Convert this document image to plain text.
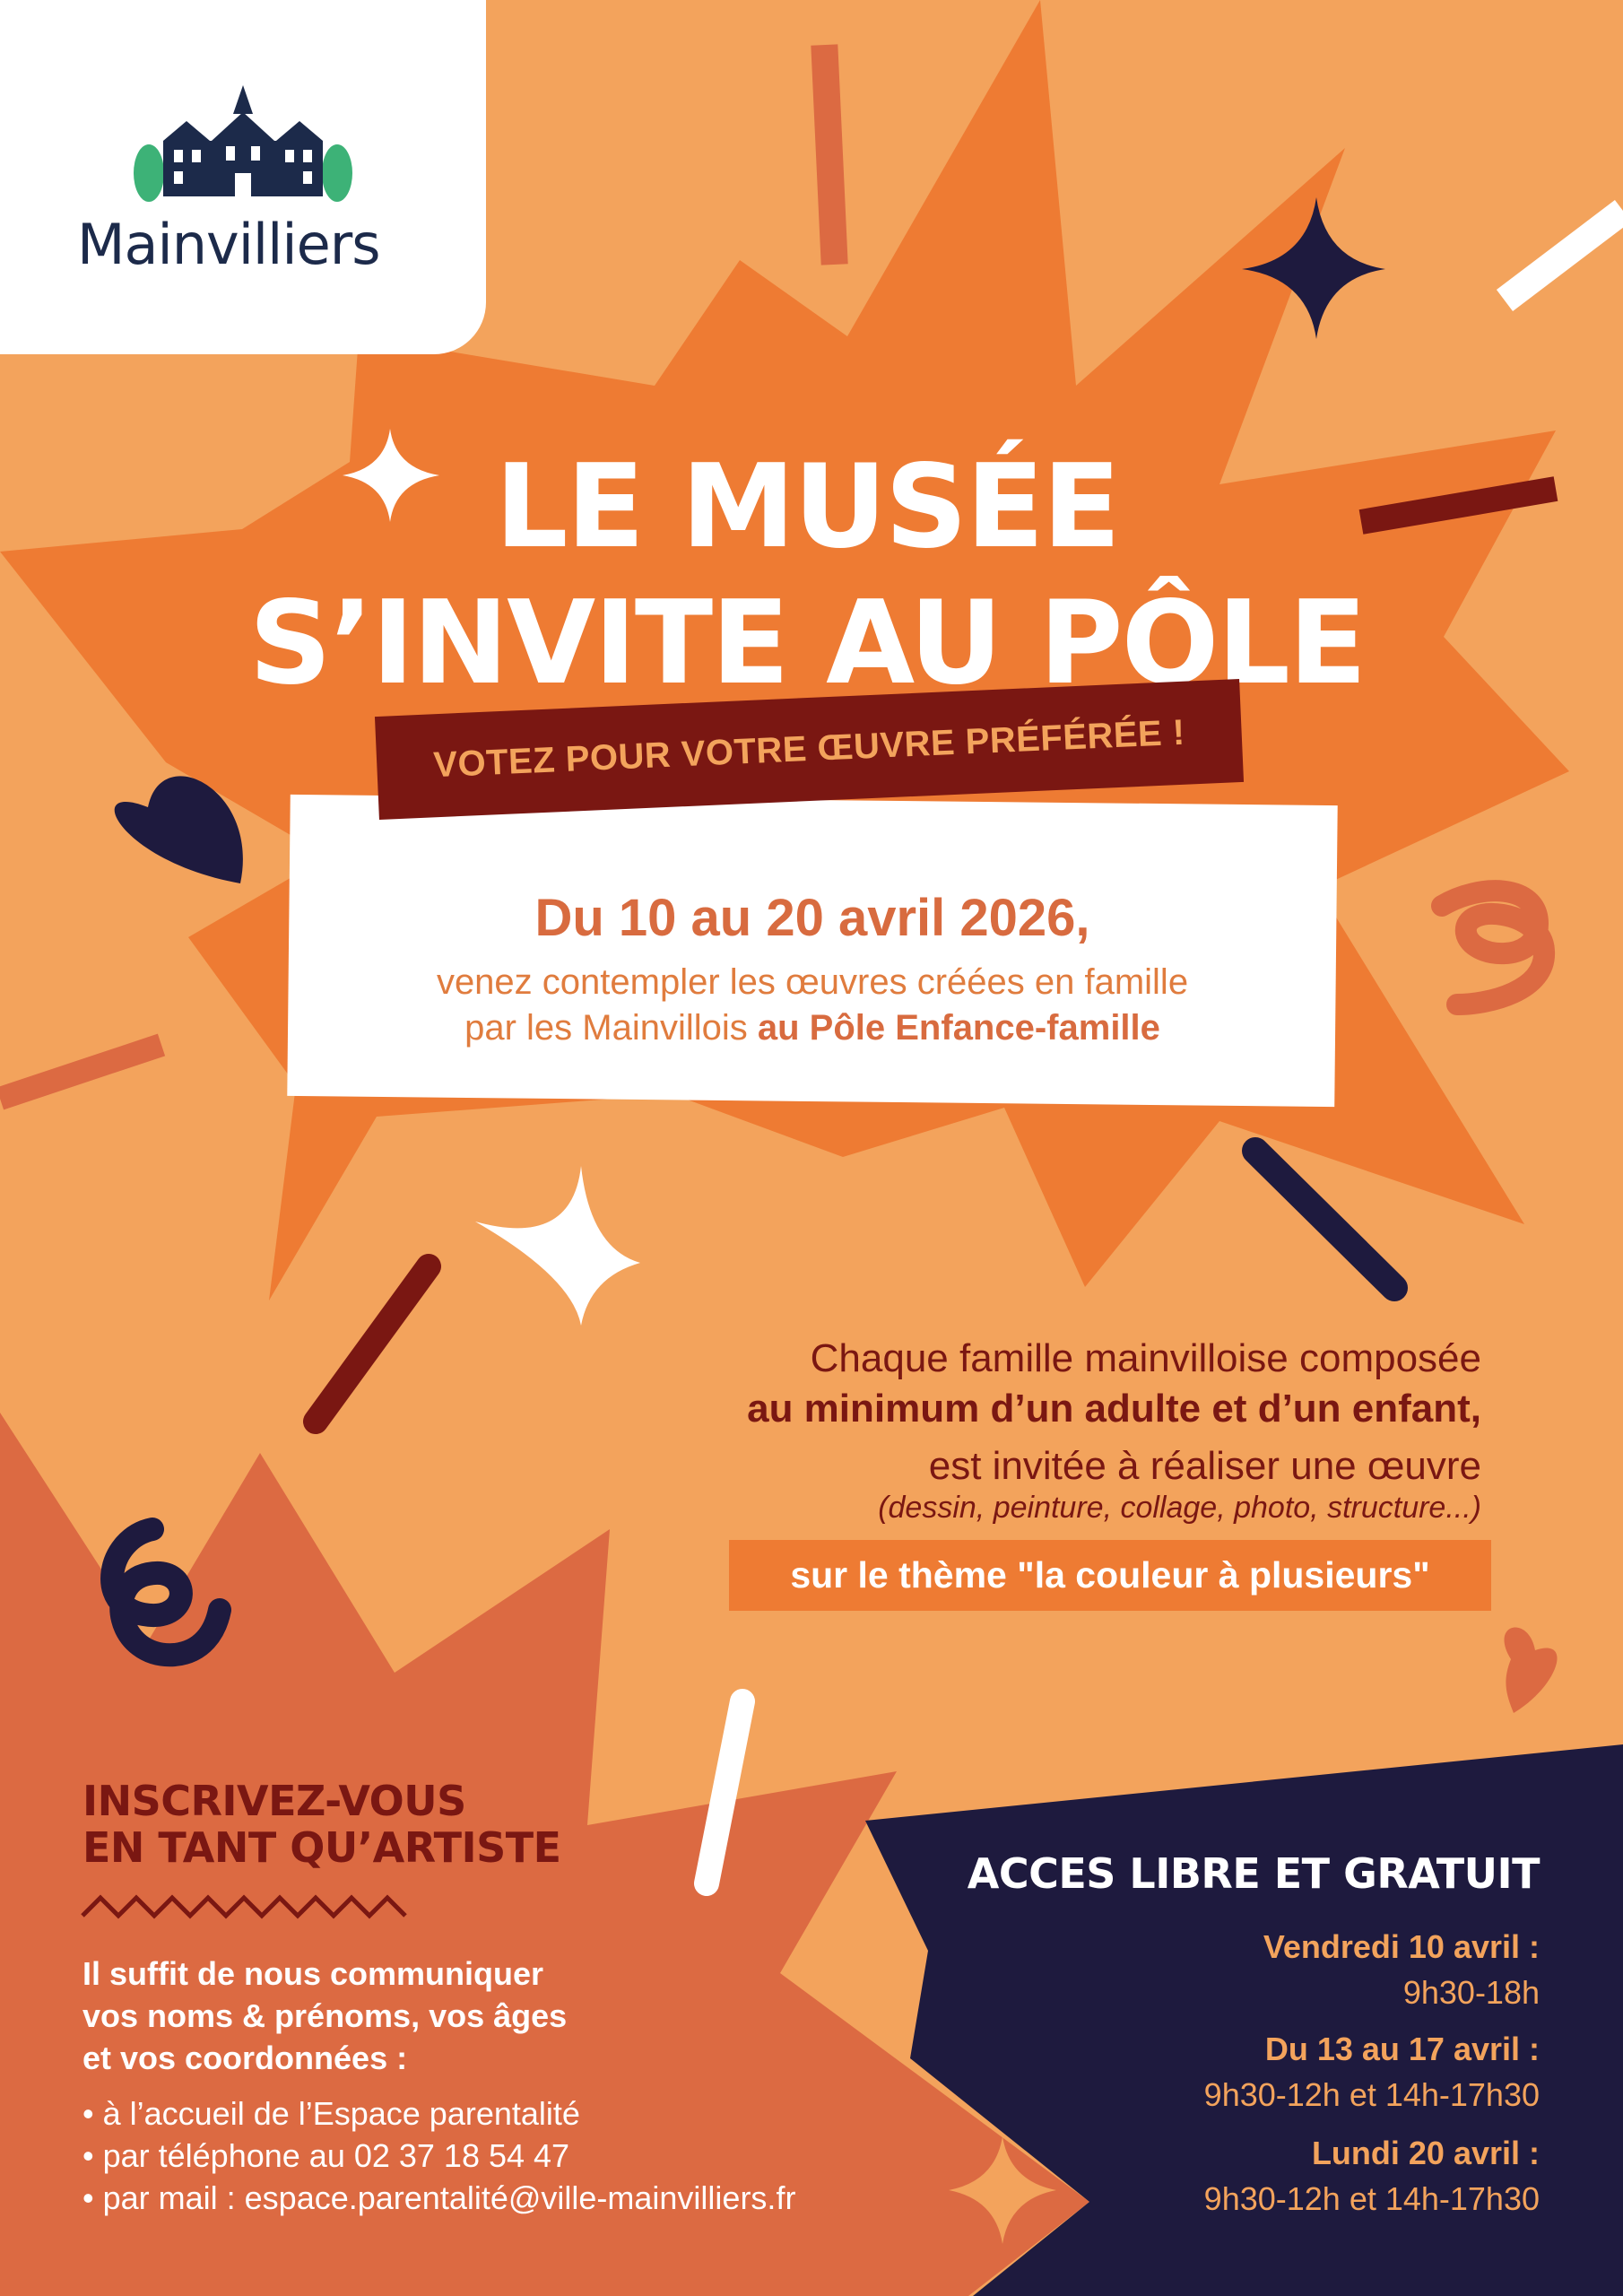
Mainvilliers
LE MUSÉE
S’INVITE AU PÔLE
Du 10 au 20 avril 2026,
venez contempler les œuvres créées en famille
par les Mainvillois au Pôle Enfance-famille
VOTEZ POUR VOTRE ŒUVRE PRÉFÉRÉE !
Chaque famille mainvilloise composée
au minimum d’un adulte et d’un enfant,
est invitée à réaliser une œuvre
(dessin, peinture, collage, photo, structure...)
sur le thème "la couleur à plusieurs"
INSCRIVEZ-VOUS
EN TANT QU’ARTISTE
Il suffit de nous communiquer
vos noms & prénoms, vos âges
et vos coordonnées :
• à l’accueil de l’Espace parentalité
• par téléphone au 02 37 18 54 47
• par mail : espace.parentalité@ville-mainvilliers.fr
ACCES LIBRE ET GRATUIT
Vendredi 10 avril :
9h30-18h
Du 13 au 17 avril :
9h30-12h et 14h-17h30
Lundi 20 avril :
9h30-12h et 14h-17h30
